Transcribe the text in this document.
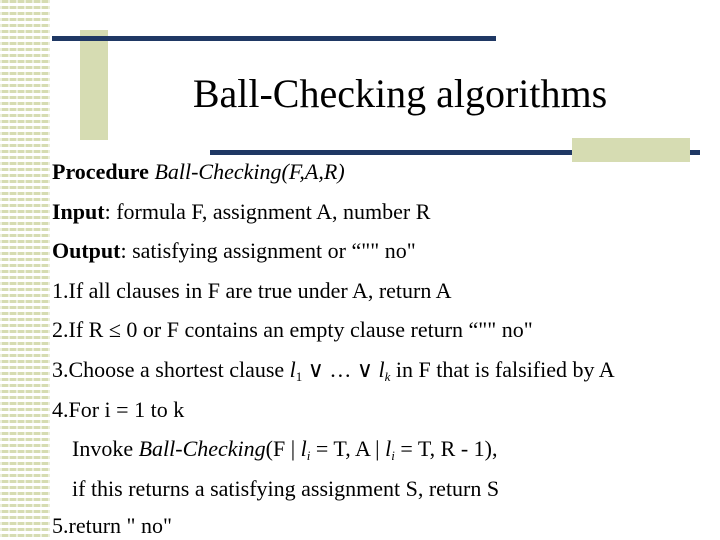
Ball-Checking algorithms
Procedure Ball-Checking(F,A,R)
Input: formula F, assignment A, number R
Output: satisfying assignment or “"" no"
1.If all clauses in F are true under A, return A
2.If R ≤ 0 or F contains an empty clause return “"" no"
3.Choose a shortest clause $l_1$ ∨ … ∨ $l_k$ in F that is falsified by A
4.For i = 1 to k
Invoke Ball-Checking(F | $l_i = T$, A | $l_i = T$, R - 1),
if this returns a satisfying assignment S, return S
5.return " no"
